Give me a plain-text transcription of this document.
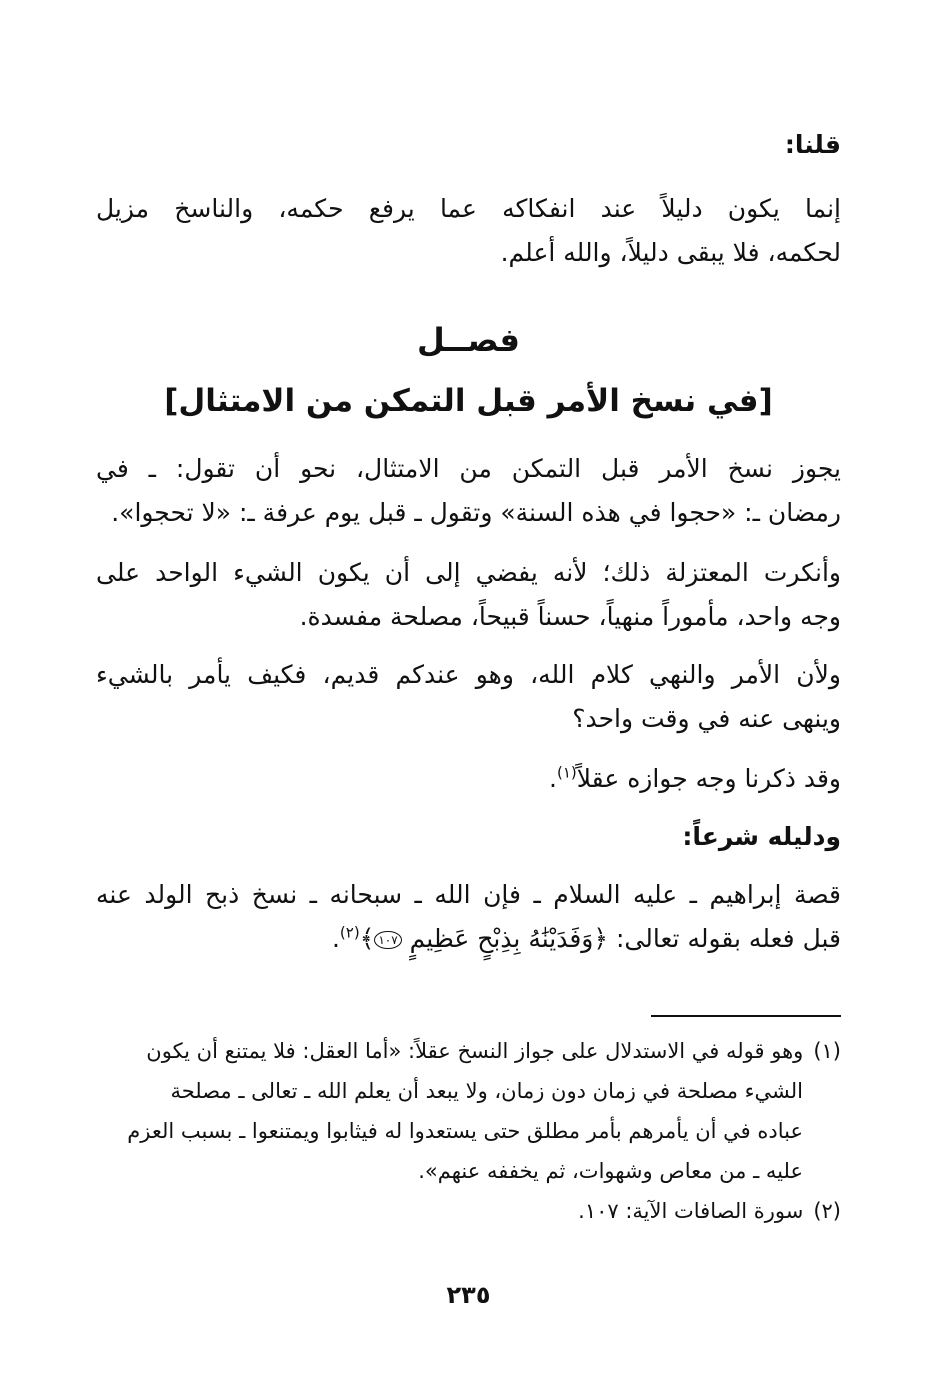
قلنا:
إنما يكون دليلاً عند انفكاكه عما يرفع حكمه، والناسخ مزيل
لحكمه، فلا يبقى دليلاً، والله أعلم.
فصــل
[في نسخ الأمر قبل التمكن من الامتثال]
يجوز نسخ الأمر قبل التمكن من الامتثال، نحو أن تقول: ـ في
رمضان ـ: «حجوا في هذه السنة» وتقول ـ قبل يوم عرفة ـ: «لا تحجوا».
وأنكرت المعتزلة ذلك؛ لأنه يفضي إلى أن يكون الشيء الواحد على
وجه واحد، مأموراً منهياً، حسناً قبيحاً، مصلحة مفسدة.
ولأن الأمر والنهي كلام الله، وهو عندكم قديم، فكيف يأمر بالشيء
وينهى عنه في وقت واحد؟
وقد ذكرنا وجه جوازه عقلاً$^{(١)}$.
ودليله شرعاً:
قصة إبراهيم ـ عليه السلام ـ فإن الله ـ سبحانه ـ نسخ ذبح الولد عنه
قبل فعله بقوله تعالى: ﴿وَفَدَيْنَٰهُ بِذِبْحٍ عَظِيمٍ ١٠٧﴾$^{(٢)}$.
(١)وهو قوله في الاستدلال على جواز النسخ عقلاً: «أما العقل: فلا يمتنع أن يكون
الشيء مصلحة في زمان دون زمان، ولا يبعد أن يعلم الله ـ تعالى ـ مصلحة
عباده في أن يأمرهم بأمر مطلق حتى يستعدوا له فيثابوا ويمتنعوا ـ بسبب العزم
عليه ـ من معاص وشهوات، ثم يخففه عنهم».
(٢)سورة الصافات الآية: ١٠٧.
٢٣٥
